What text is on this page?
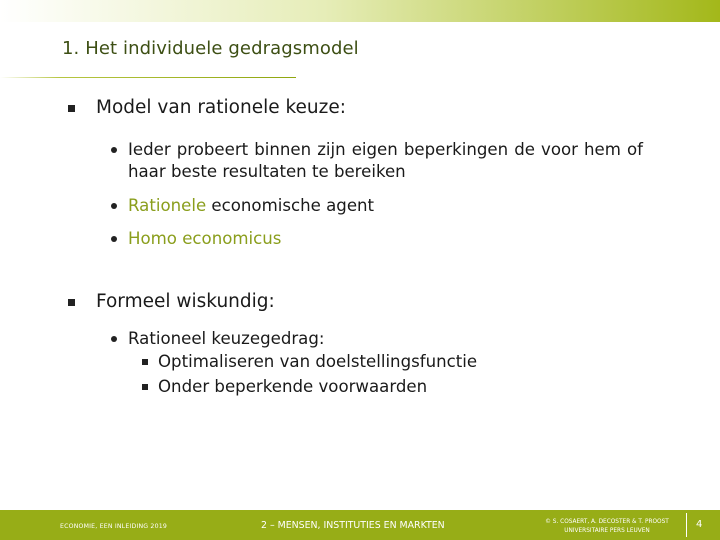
1. Het individuele gedragsmodel
Model van rationele keuze:
Ieder probeert binnen zijn eigen beperkingen de voor hem of haar beste resultaten te bereiken
Rationele economische agent
Homo economicus
Formeel wiskundig:
Rationeel keuzegedrag:
Optimaliseren van doelstellingsfunctie
Onder beperkende voorwaarden
ECONOMIE, EEN INLEIDING 2019	2 – MENSEN, INSTITUTIES EN MARKTEN	© S. COSAERT, A. DECOSTER & T. PROOST
UNIVERSITAIRE PERS LEUVEN
4
